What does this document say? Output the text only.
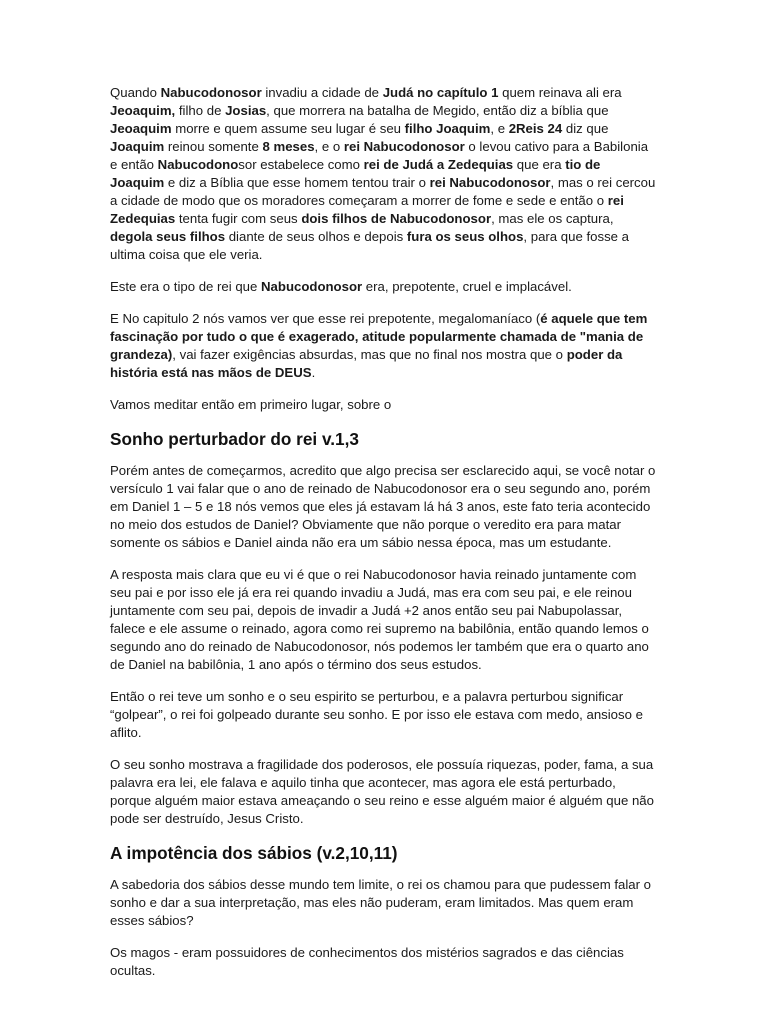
Quando Nabucodonosor invadiu a cidade de Judá no capítulo 1 quem reinava ali era Jeoaquim, filho de Josias, que morrera na batalha de Megido, então diz a bíblia que Jeoaquim morre e quem assume seu lugar é seu filho Joaquim, e 2Reis 24 diz que Joaquim reinou somente 8 meses, e o rei Nabucodonosor o levou cativo para a Babilonia e então Nabucodonosor estabelece como rei de Judá a Zedequias que era tio de Joaquim e diz a Bíblia que esse homem tentou trair o rei Nabucodonosor, mas o rei cercou a cidade de modo que os moradores começaram a morrer de fome e sede e então o rei Zedequias tenta fugir com seus dois filhos de Nabucodonosor, mas ele os captura, degola seus filhos diante de seus olhos e depois fura os seus olhos, para que fosse a ultima coisa que ele veria.

Este era o tipo de rei que Nabucodonosor era, prepotente, cruel e implacável.

E No capitulo 2 nós vamos ver que esse rei prepotente, megalomaníaco (é aquele que tem fascinação por tudo o que é exagerado, atitude popularmente chamada de "mania de grandeza), vai fazer exigências absurdas, mas que no final nos mostra que o poder da história está nas mãos de DEUS.

Vamos meditar então em primeiro lugar, sobre o

Sonho perturbador do rei v.1,3

Porém antes de começarmos, acredito que algo precisa ser esclarecido aqui, se você notar o versículo 1 vai falar que o ano de reinado de Nabucodonosor era o seu segundo ano, porém em Daniel 1 – 5 e 18 nós vemos que eles já estavam lá há 3 anos, este fato teria acontecido no meio dos estudos de Daniel? Obviamente que não porque o veredito era para matar somente os sábios e Daniel ainda não era um sábio nessa época, mas um estudante.

A resposta mais clara que eu vi é que o rei Nabucodonosor havia reinado juntamente com seu pai e por isso ele já era rei quando invadiu a Judá, mas era com seu pai, e ele reinou juntamente com seu pai, depois de invadir a Judá +2 anos então seu pai Nabupolassar, falece e ele assume o reinado, agora como rei supremo na babilônia, então quando lemos o segundo ano do reinado de Nabucodonosor, nós podemos ler também que era o quarto ano de Daniel na babilônia, 1 ano após o término dos seus estudos.

Então o rei teve um sonho e o seu espirito se perturbou, e a palavra perturbou significar “golpear”, o rei foi golpeado durante seu sonho. E por isso ele estava com medo, ansioso e aflito.

O seu sonho mostrava a fragilidade dos poderosos, ele possuía riquezas, poder, fama, a sua palavra era lei, ele falava e aquilo tinha que acontecer, mas agora ele está perturbado, porque alguém maior estava ameaçando o seu reino e esse alguém maior é alguém que não pode ser destruído, Jesus Cristo.

A impotência dos sábios (v.2,10,11)

A sabedoria dos sábios desse mundo tem limite, o rei os chamou para que pudessem falar o sonho e dar a sua interpretação, mas eles não puderam, eram limitados. Mas quem eram esses sábios?

Os magos - eram possuidores de conhecimentos dos mistérios sagrados e das ciências ocultas.
